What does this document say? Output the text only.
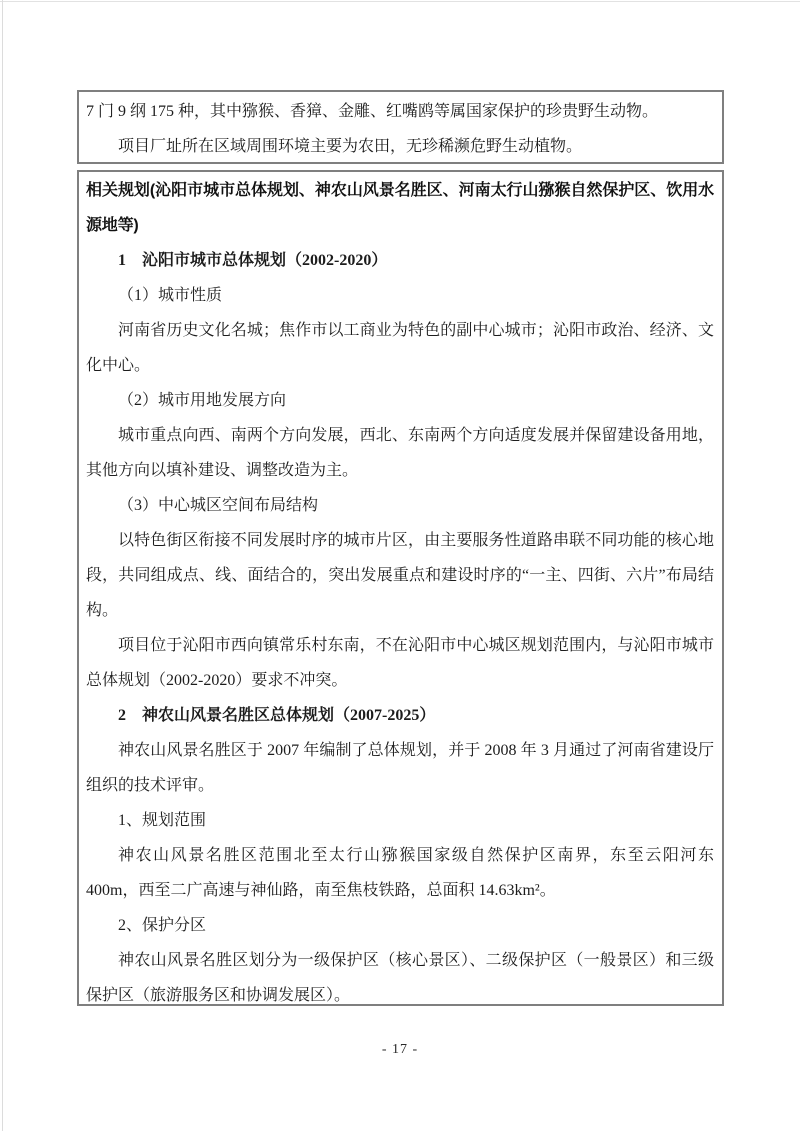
7 门 9 纲 175 种，其中猕猴、香獐、金雕、红嘴鸥等属国家保护的珍贵野生动物。

项目厂址所在区域周围环境主要为农田，无珍稀濒危野生动植物。

相关规划(沁阳市城市总体规划、神农山风景名胜区、河南太行山猕猴自然保护区、饮用水源地等)
1　沁阳市城市总体规划（2002-2020）
（1）城市性质

河南省历史文化名城；焦作市以工商业为特色的副中心城市；沁阳市政治、经济、文化中心。

（2）城市用地发展方向

城市重点向西、南两个方向发展，西北、东南两个方向适度发展并保留建设备用地，其他方向以填补建设、调整改造为主。

（3）中心城区空间布局结构

以特色街区衔接不同发展时序的城市片区，由主要服务性道路串联不同功能的核心地段，共同组成点、线、面结合的，突出发展重点和建设时序的“一主、四街、六片”布局结构。

项目位于沁阳市西向镇常乐村东南，不在沁阳市中心城区规划范围内，与沁阳市城市总体规划（2002-2020）要求不冲突。

2　神农山风景名胜区总体规划（2007-2025）

神农山风景名胜区于 2007 年编制了总体规划，并于 2008 年 3 月通过了河南省建设厅组织的技术评审。

1、规划范围

神农山风景名胜区范围北至太行山猕猴国家级自然保护区南界，东至云阳河东 400m，西至二广高速与神仙路，南至焦枝铁路，总面积 14.63km²。

2、保护分区

神农山风景名胜区划分为一级保护区（核心景区）、二级保护区（一般景区）和三级保护区（旅游服务区和协调发展区）。

- 17 -
